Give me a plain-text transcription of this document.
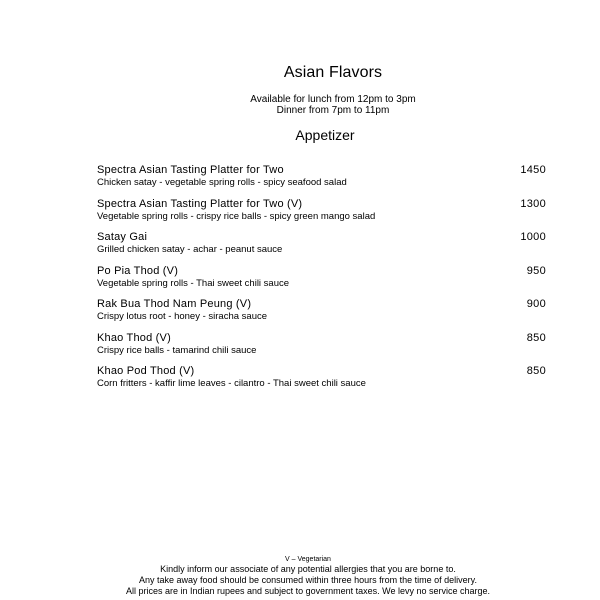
Asian Flavors
Available for lunch from 12pm to 3pm
Dinner from 7pm to 11pm
Appetizer
Spectra Asian Tasting Platter for Two
Chicken satay - vegetable spring rolls - spicy seafood salad
1450
Spectra Asian Tasting Platter for Two (V)
Vegetable spring rolls - crispy rice balls - spicy green mango salad
1300
Satay Gai
Grilled chicken satay - achar - peanut sauce
1000
Po Pia Thod (V)
Vegetable spring rolls - Thai sweet chili sauce
950
Rak Bua Thod Nam Peung (V)
Crispy lotus root - honey - siracha sauce
900
Khao Thod (V)
Crispy rice balls - tamarind chili sauce
850
Khao Pod Thod (V)
Corn fritters - kaffir lime leaves - cilantro - Thai sweet chili sauce
850
V – Vegetarian
Kindly inform our associate of any potential allergies that you are borne to.
Any take away food should be consumed within three hours from the time of delivery.
All prices are in Indian rupees and subject to government taxes. We levy no service charge.
